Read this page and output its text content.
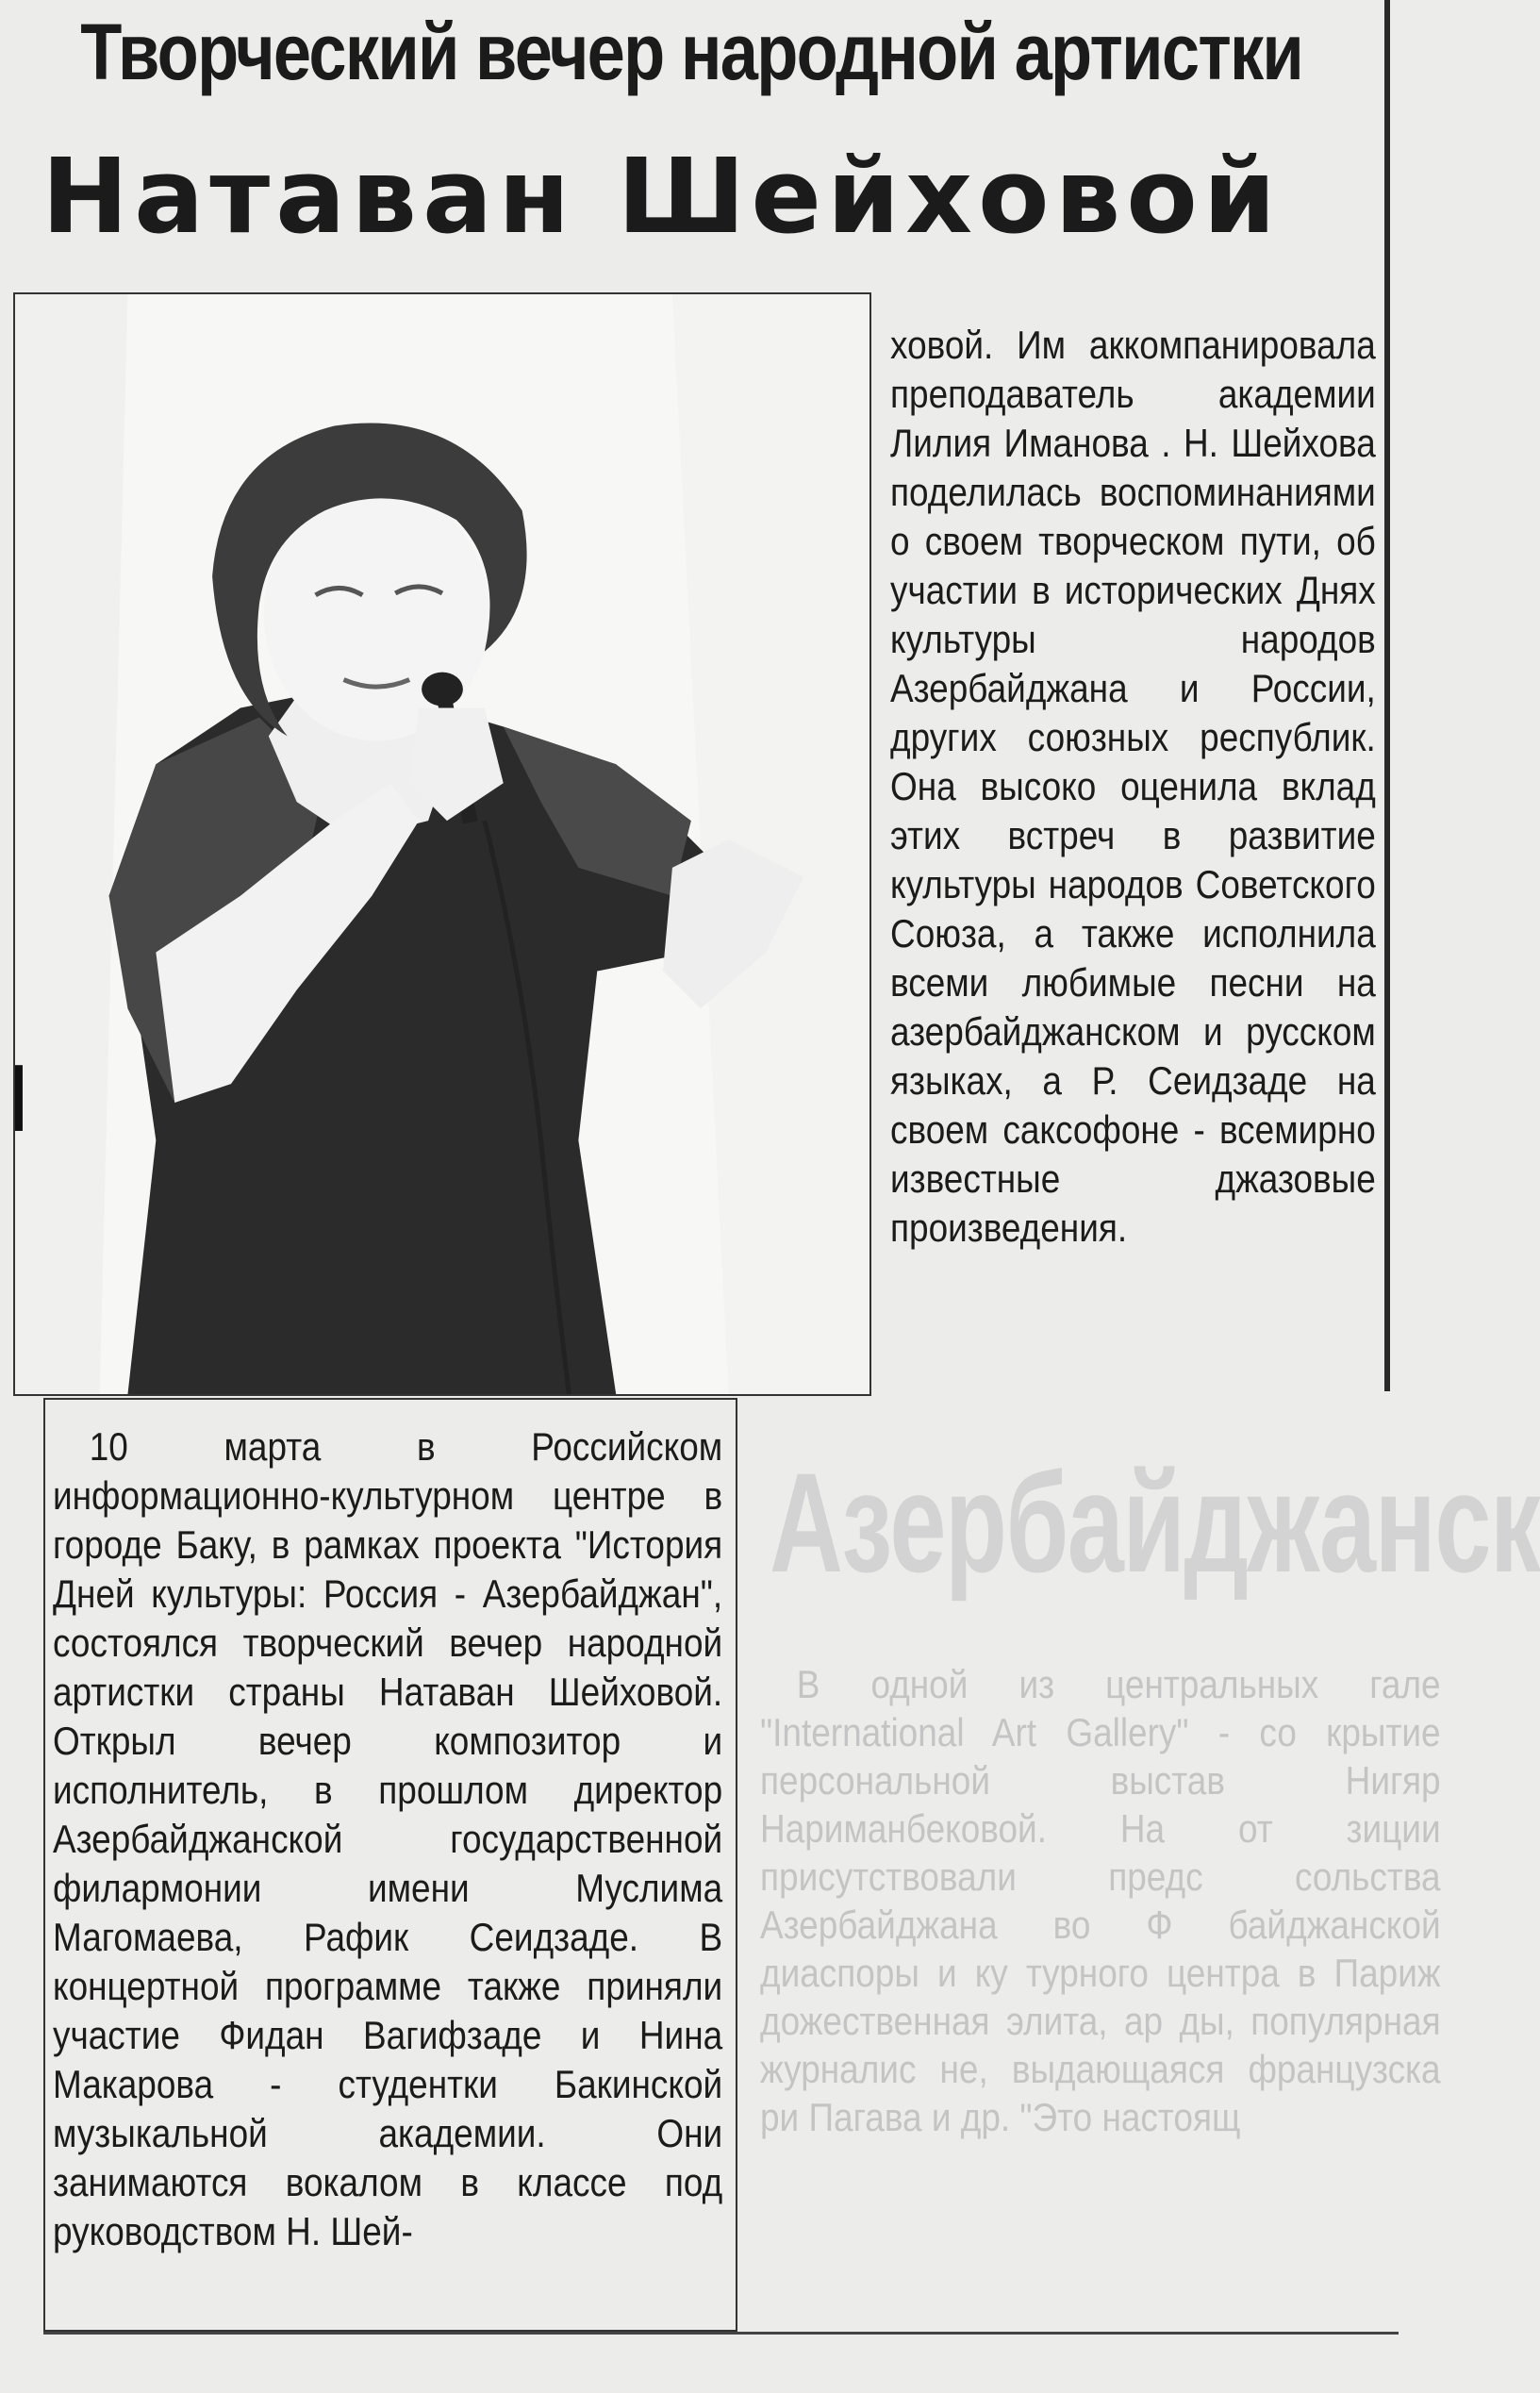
Творческий вечер народной артистки
Натаван Шейховой

ховой. Им аккомпанировала преподаватель академии Лилия Иманова . Н. Шейхова поделилась воспоминаниями о своем творческом пути, об участии в исторических Днях культуры народов Азербайджана и России, других союзных республик. Она высоко оценила вклад этих встреч в развитие культуры народов Советского Союза, а также исполнила всеми любимые песни на азербайджанском и русском языках, а Р. Сеидзаде на своем саксофоне - всемирно известные джазовые произведения.

10 марта в Российском информационно-культурном центре в городе Баку, в рамках проекта "История Дней культуры: Россия - Азербайджан", состоялся творческий вечер народной артистки страны Натаван Шейховой. Открыл вечер композитор и исполнитель, в прошлом директор Азербайджанской государственной филармонии имени Муслима Магомаева, Рафик Сеидзаде. В концертной программе также приняли участие Фидан Вагифзаде и Нина Макарова - студентки Бакинской музыкальной академии. Они занимаются вокалом в классе под руководством Н. Шей-

Азербайджанск

В одной из центральных гале "International Art Gallery" - со крытие персональной выстав Нигяр Нариманбековой. На от зиции присутствовали предс сольства Азербайджана во Ф байджанской диаспоры и ку турного центра в Париж дожественная элита, ар ды, популярная журналис не, выдающаяся французска ри Пагава и др. "Это настоящ
